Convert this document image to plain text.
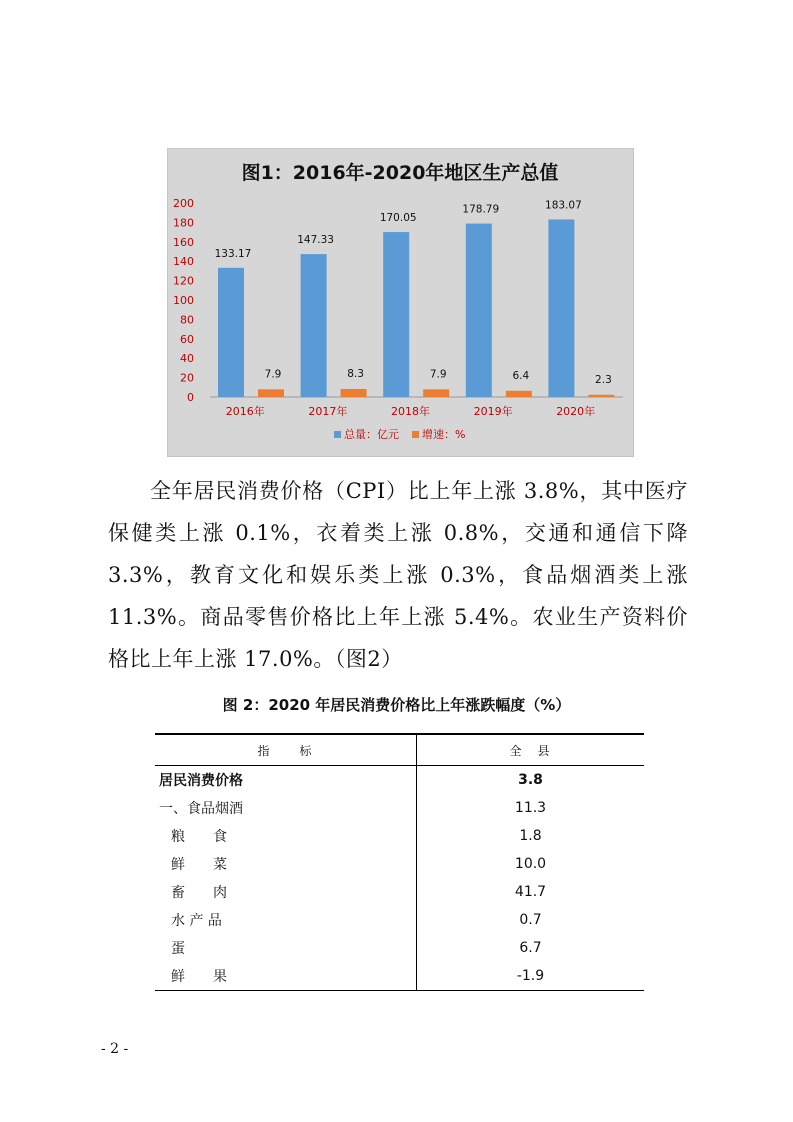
图1：2016年-2020年地区生产总值
0
20
40
60
80
100
120
140
160
180
200
133.17
7.9
2016年
147.33
8.3
2017年
170.05
7.9
2018年
178.79
6.4
2019年
183.07
2.3
2020年
总量：亿元 增速：%

全年居民消费价格（CPI）比上年上涨 3.8%，其中医疗保健类上涨 0.1%，衣着类上涨 0.8%，交通和通信下降 3.3%，教育文化和娱乐类上涨 0.3%，食品烟酒类上涨 11.3%。商品零售价格比上年上涨 5.4%。农业生产资料价格比上年上涨 17.0%。（图2）

图 2：2020 年居民消费价格比上年涨跌幅度（%）
指　　标	全　县
居民消费价格	3.8
一、食品烟酒	11.3
粮　　食	1.8
鲜　　菜	10.0
畜　　肉	41.7
水 产 品	0.7
蛋	6.7
鲜　　果	-1.9
- 2 -
